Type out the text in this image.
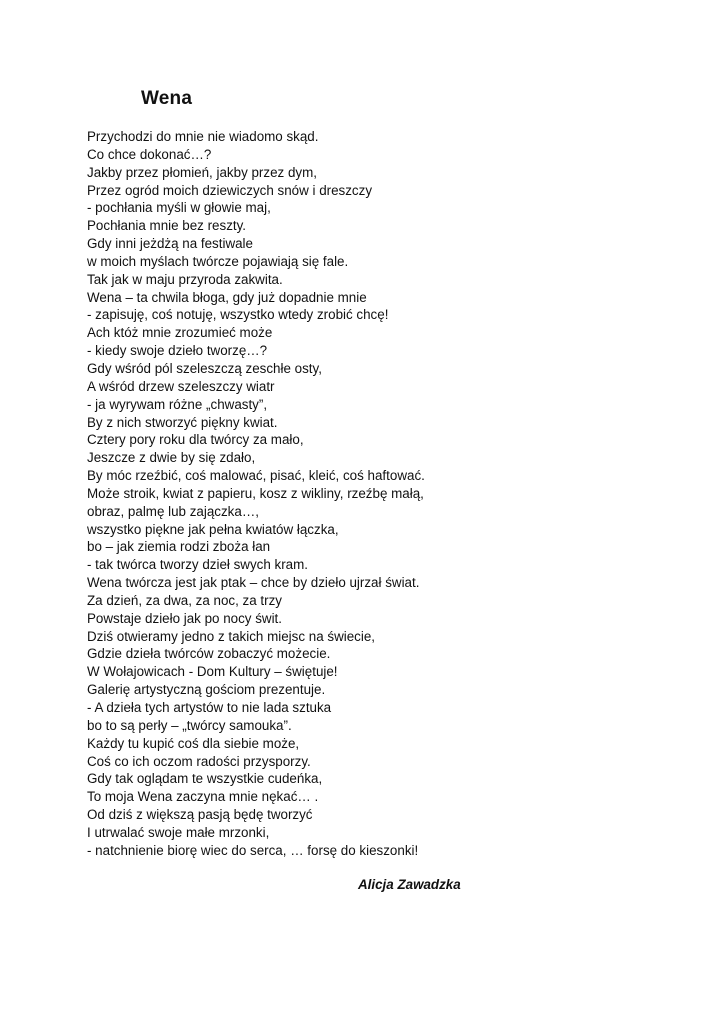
Wena
Przychodzi do mnie nie wiadomo skąd.
Co chce dokonać…?
Jakby przez płomień, jakby przez dym,
Przez ogród moich dziewiczych snów i dreszczy
- pochłania myśli w głowie maj,
Pochłania mnie bez reszty.
Gdy inni jeżdżą na festiwale
w moich myślach twórcze pojawiają się fale.
Tak jak w maju przyroda zakwita.
Wena – ta chwila błoga, gdy już dopadnie mnie
- zapisuję, coś notuję, wszystko wtedy zrobić chcę!
Ach któż mnie zrozumieć może
- kiedy swoje dzieło tworzę…?
Gdy wśród pól szeleszczą zeschłe osty,
A wśród drzew szeleszczy wiatr
- ja wyrywam różne „chwasty”,
By z nich stworzyć piękny kwiat.
Cztery pory roku dla twórcy za mało,
Jeszcze z dwie by się zdało,
By móc rzeźbić, coś malować, pisać, kleić, coś haftować.
Może stroik, kwiat z papieru, kosz z wikliny, rzeźbę małą,
obraz, palmę lub zajączka…,
wszystko piękne jak pełna kwiatów łączka,
bo – jak ziemia rodzi zboża łan
- tak twórca tworzy dzieł swych kram.
Wena twórcza jest jak ptak – chce by dzieło ujrzał świat.
Za dzień, za dwa, za noc, za trzy
Powstaje dzieło jak po nocy świt.
Dziś otwieramy jedno z takich miejsc na świecie,
Gdzie dzieła twórców zobaczyć możecie.
W Wołajowicach - Dom Kultury – świętuje!
Galerię artystyczną gościom prezentuje.
- A dzieła tych artystów to nie lada sztuka
bo to są perły – „twórcy samouka”.
Każdy tu kupić coś dla siebie może,
Coś co ich oczom radości przysporzy.
Gdy tak oglądam te wszystkie cudeńka,
To moja Wena zaczyna mnie nękać… .
Od dziś z większą pasją będę tworzyć
I utrwalać swoje małe mrzonki,
- natchnienie biorę wiec do serca, … forsę do kieszonki!
Alicja Zawadzka
